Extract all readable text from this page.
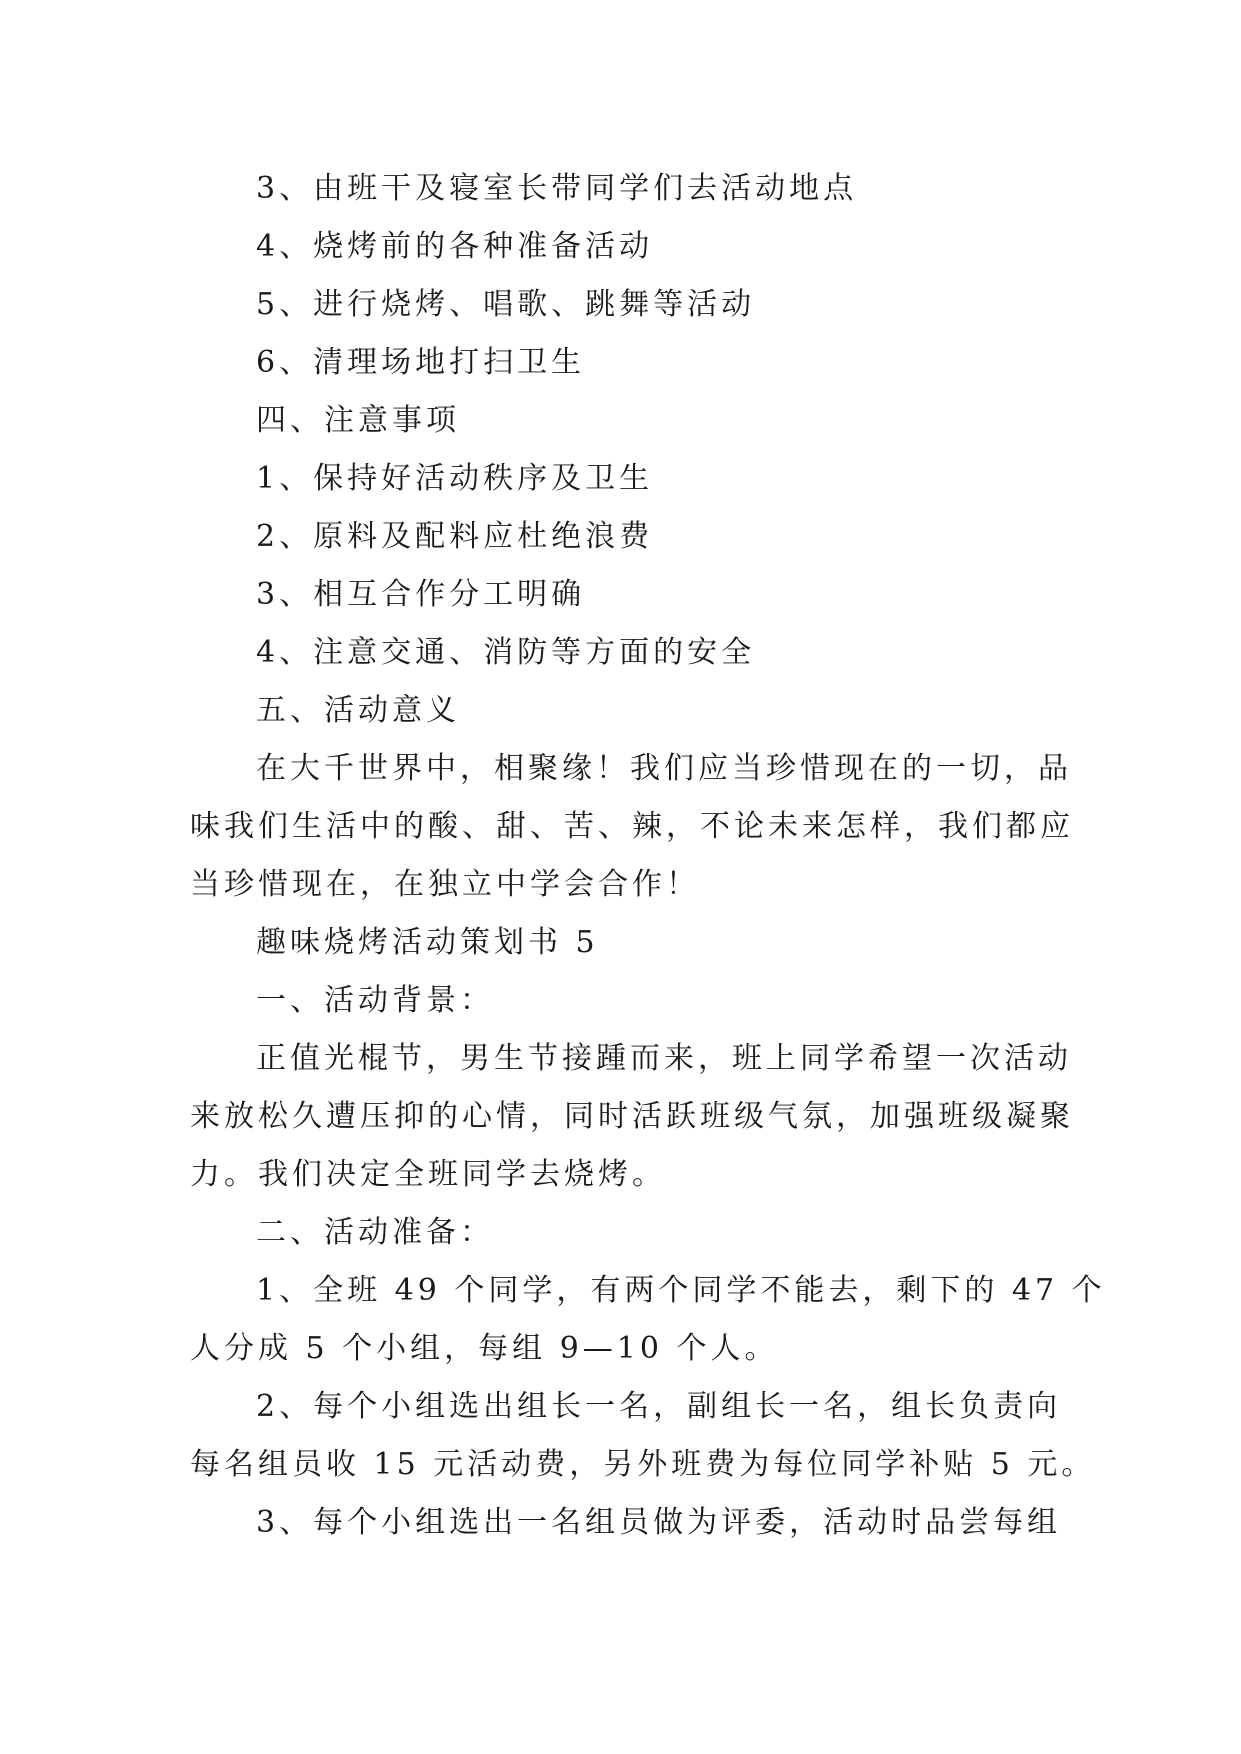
3、由班干及寝室长带同学们去活动地点
4、烧烤前的各种准备活动
5、进行烧烤、唱歌、跳舞等活动
6、清理场地打扫卫生
四、注意事项
1、保持好活动秩序及卫生
2、原料及配料应杜绝浪费
3、相互合作分工明确
4、注意交通、消防等方面的安全
五、活动意义
在大千世界中，相聚缘！我们应当珍惜现在的一切，品
味我们生活中的酸、甜、苦、辣，不论未来怎样，我们都应
当珍惜现在，在独立中学会合作！
趣味烧烤活动策划书 5
一、活动背景：
正值光棍节，男生节接踵而来，班上同学希望一次活动
来放松久遭压抑的心情，同时活跃班级气氛，加强班级凝聚
力。我们决定全班同学去烧烤。
二、活动准备：
1、全班 49 个同学，有两个同学不能去，剩下的 47 个
人分成 5 个小组，每组 9—10 个人。
2、每个小组选出组长一名，副组长一名，组长负责向
每名组员收 15 元活动费，另外班费为每位同学补贴 5 元。
3、每个小组选出一名组员做为评委，活动时品尝每组
